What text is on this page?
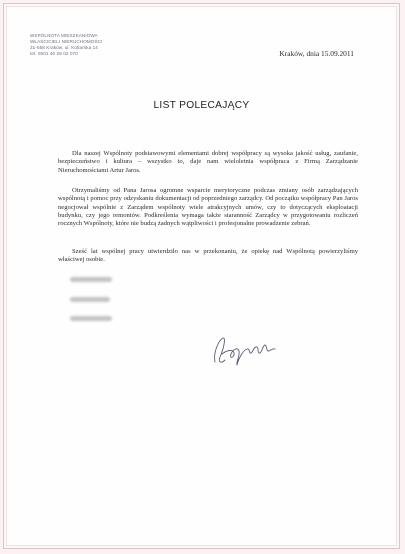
WSPÓLNOTA MIESZKANIOWA
WŁAŚCICIELI NIERUCHOMOŚCI
31-558 Kraków, ul. Kotlarska 14
tel. 0501 40 28 02 070	Kraków, dnia 15.09.2011
LIST POLECAJĄCY

Dla naszej Wspólnoty podstawowymi elementami dobrej współpracy są wysoka jakość usług, zaufanie, bezpieczeństwo i kultura – wszystko to, daje nam wieloletnia współpraca z Firmą Zarządzanie Nieruchomościami Artur Jaros.

Otrzymaliśmy od Pana Jarosa ogromne wsparcie merytoryczne podczas zmiany osób zarządzających wspólnotą i pomoc przy odzyskaniu dokumentacji od poprzedniego zarządcy. Od początku współpracy Pan Jaros negocjował wspólnie z Zarządem wspólnoty wiele atrakcyjnych umów, czy to dotyczących eksploatacji budynku, czy jego remontów. Podkreślenia wymaga także staranność Zarządcy w przygotowaniu rozliczeń rocznych Wspólnoty, które nie budzą żadnych wątpliwości i profesjonalne prowadzenie zebrań.

Sześć lat wspólnej pracy utwierdziło nas w przekonaniu, że opiekę nad Wspólnotą powierzyliśmy właściwej osobie.
